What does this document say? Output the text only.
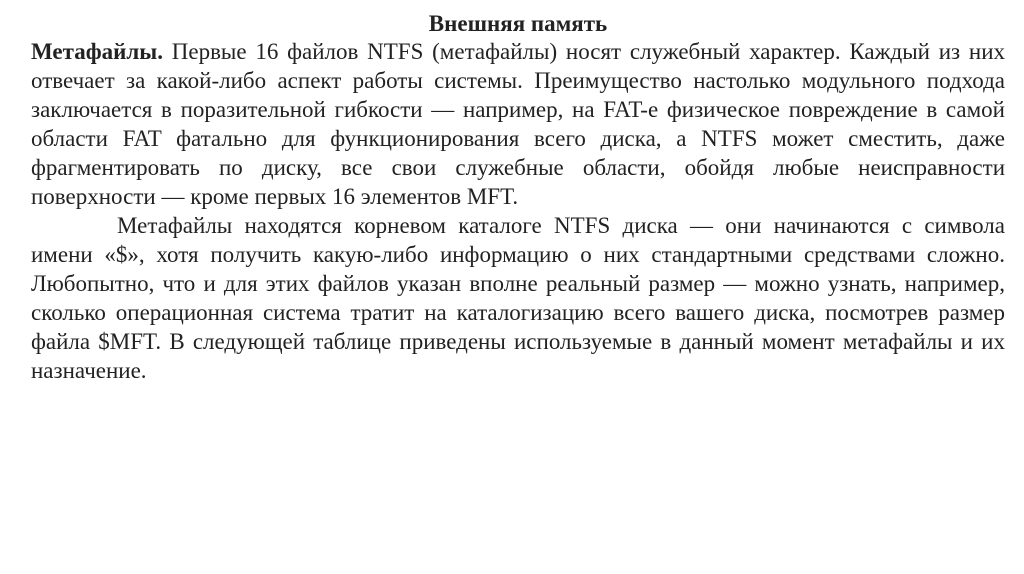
Внешняя память

Метафайлы. Первые 16 файлов NTFS (метафайлы) носят служебный характер. Каждый из них отвечает за какой-либо аспект работы системы. Преимущество настолько модульного подхода заключается в поразительной гибкости — например, на FAT-е физическое повреждение в самой области FAT фатально для функционирования всего диска, а NTFS может сместить, даже фрагментировать по диску, все свои служебные области, обойдя любые неисправности поверхности — кроме первых 16 элементов MFT.

Метафайлы находятся корневом каталоге NTFS диска — они начинаются с символа имени «$», хотя получить какую-либо информацию о них стандартными средствами сложно. Любопытно, что и для этих файлов указан вполне реальный размер — можно узнать, например, сколько операционная система тратит на каталогизацию всего вашего диска, посмотрев размер файла $MFT. В следующей таблице приведены используемые в данный момент метафайлы и их назначение.
